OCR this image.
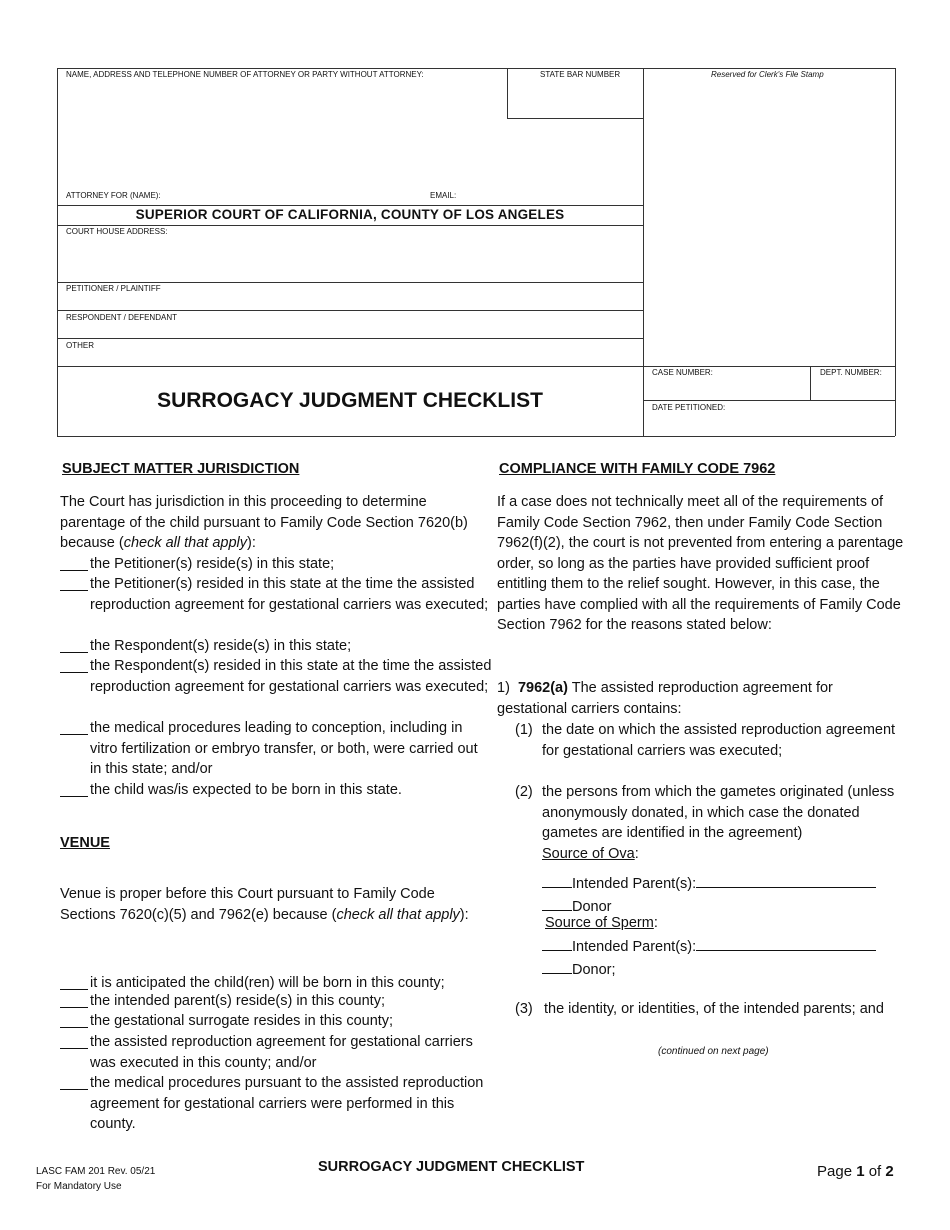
NAME, ADDRESS AND TELEPHONE NUMBER OF ATTORNEY OR PARTY WITHOUT ATTORNEY:	STATE BAR NUMBER	Reserved for Clerk's File Stamp
ATTORNEY FOR (NAME):	EMAIL:
SUPERIOR COURT OF CALIFORNIA, COUNTY OF LOS ANGELES
COURT HOUSE ADDRESS:
PETITIONER / PLAINTIFF
RESPONDENT / DEFENDANT
OTHER
CASE NUMBER:	DEPT. NUMBER:
DATE PETITIONED:
SURROGACY JUDGMENT CHECKLIST
SUBJECT MATTER JURISDICTION
The Court has jurisdiction in this proceeding to determine parentage of the child pursuant to Family Code Section 7620(b) because (check all that apply):
the Petitioner(s) reside(s) in this state;
the Petitioner(s) resided in this state at the time the assisted reproduction agreement for gestational carriers was executed;
the Respondent(s) reside(s) in this state;
the Respondent(s) resided in this state at the time the assisted reproduction agreement for gestational carriers was executed;
the medical procedures leading to conception, including in vitro fertilization or embryo transfer, or both, were carried out in this state; and/or
the child was/is expected to be born in this state.
VENUE
Venue is proper before this Court pursuant to Family Code Sections 7620(c)(5) and 7962(e) because (check all that apply):
it is anticipated the child(ren) will be born in this county;
the intended parent(s) reside(s) in this county;
the gestational surrogate resides in this county;
the assisted reproduction agreement for gestational carriers was executed in this county; and/or
the medical procedures pursuant to the assisted reproduction agreement for gestational carriers were performed in this county.
COMPLIANCE WITH FAMILY CODE 7962
If a case does not technically meet all of the requirements of Family Code Section 7962, then under Family Code Section 7962(f)(2), the court is not prevented from entering a parentage order, so long as the parties have provided sufficient proof entitling them to the relief sought. However, in this case, the parties have complied with all the requirements of Family Code Section 7962 for the reasons stated below:
1) 7962(a) The assisted reproduction agreement for gestational carriers contains:
(1) the date on which the assisted reproduction agreement for gestational carriers was executed;
(2) the persons from which the gametes originated (unless anonymously donated, in which case the donated gametes are identified in the agreement)
Source of Ova:
Intended Parent(s):
Donor
Source of Sperm:
Intended Parent(s):
Donor;
(3) the identity, or identities, of the intended parents; and
(continued on next page)
LASC FAM 201 Rev. 05/21
For Mandatory Use
SURROGACY JUDGMENT CHECKLIST	Page 1 of 2
